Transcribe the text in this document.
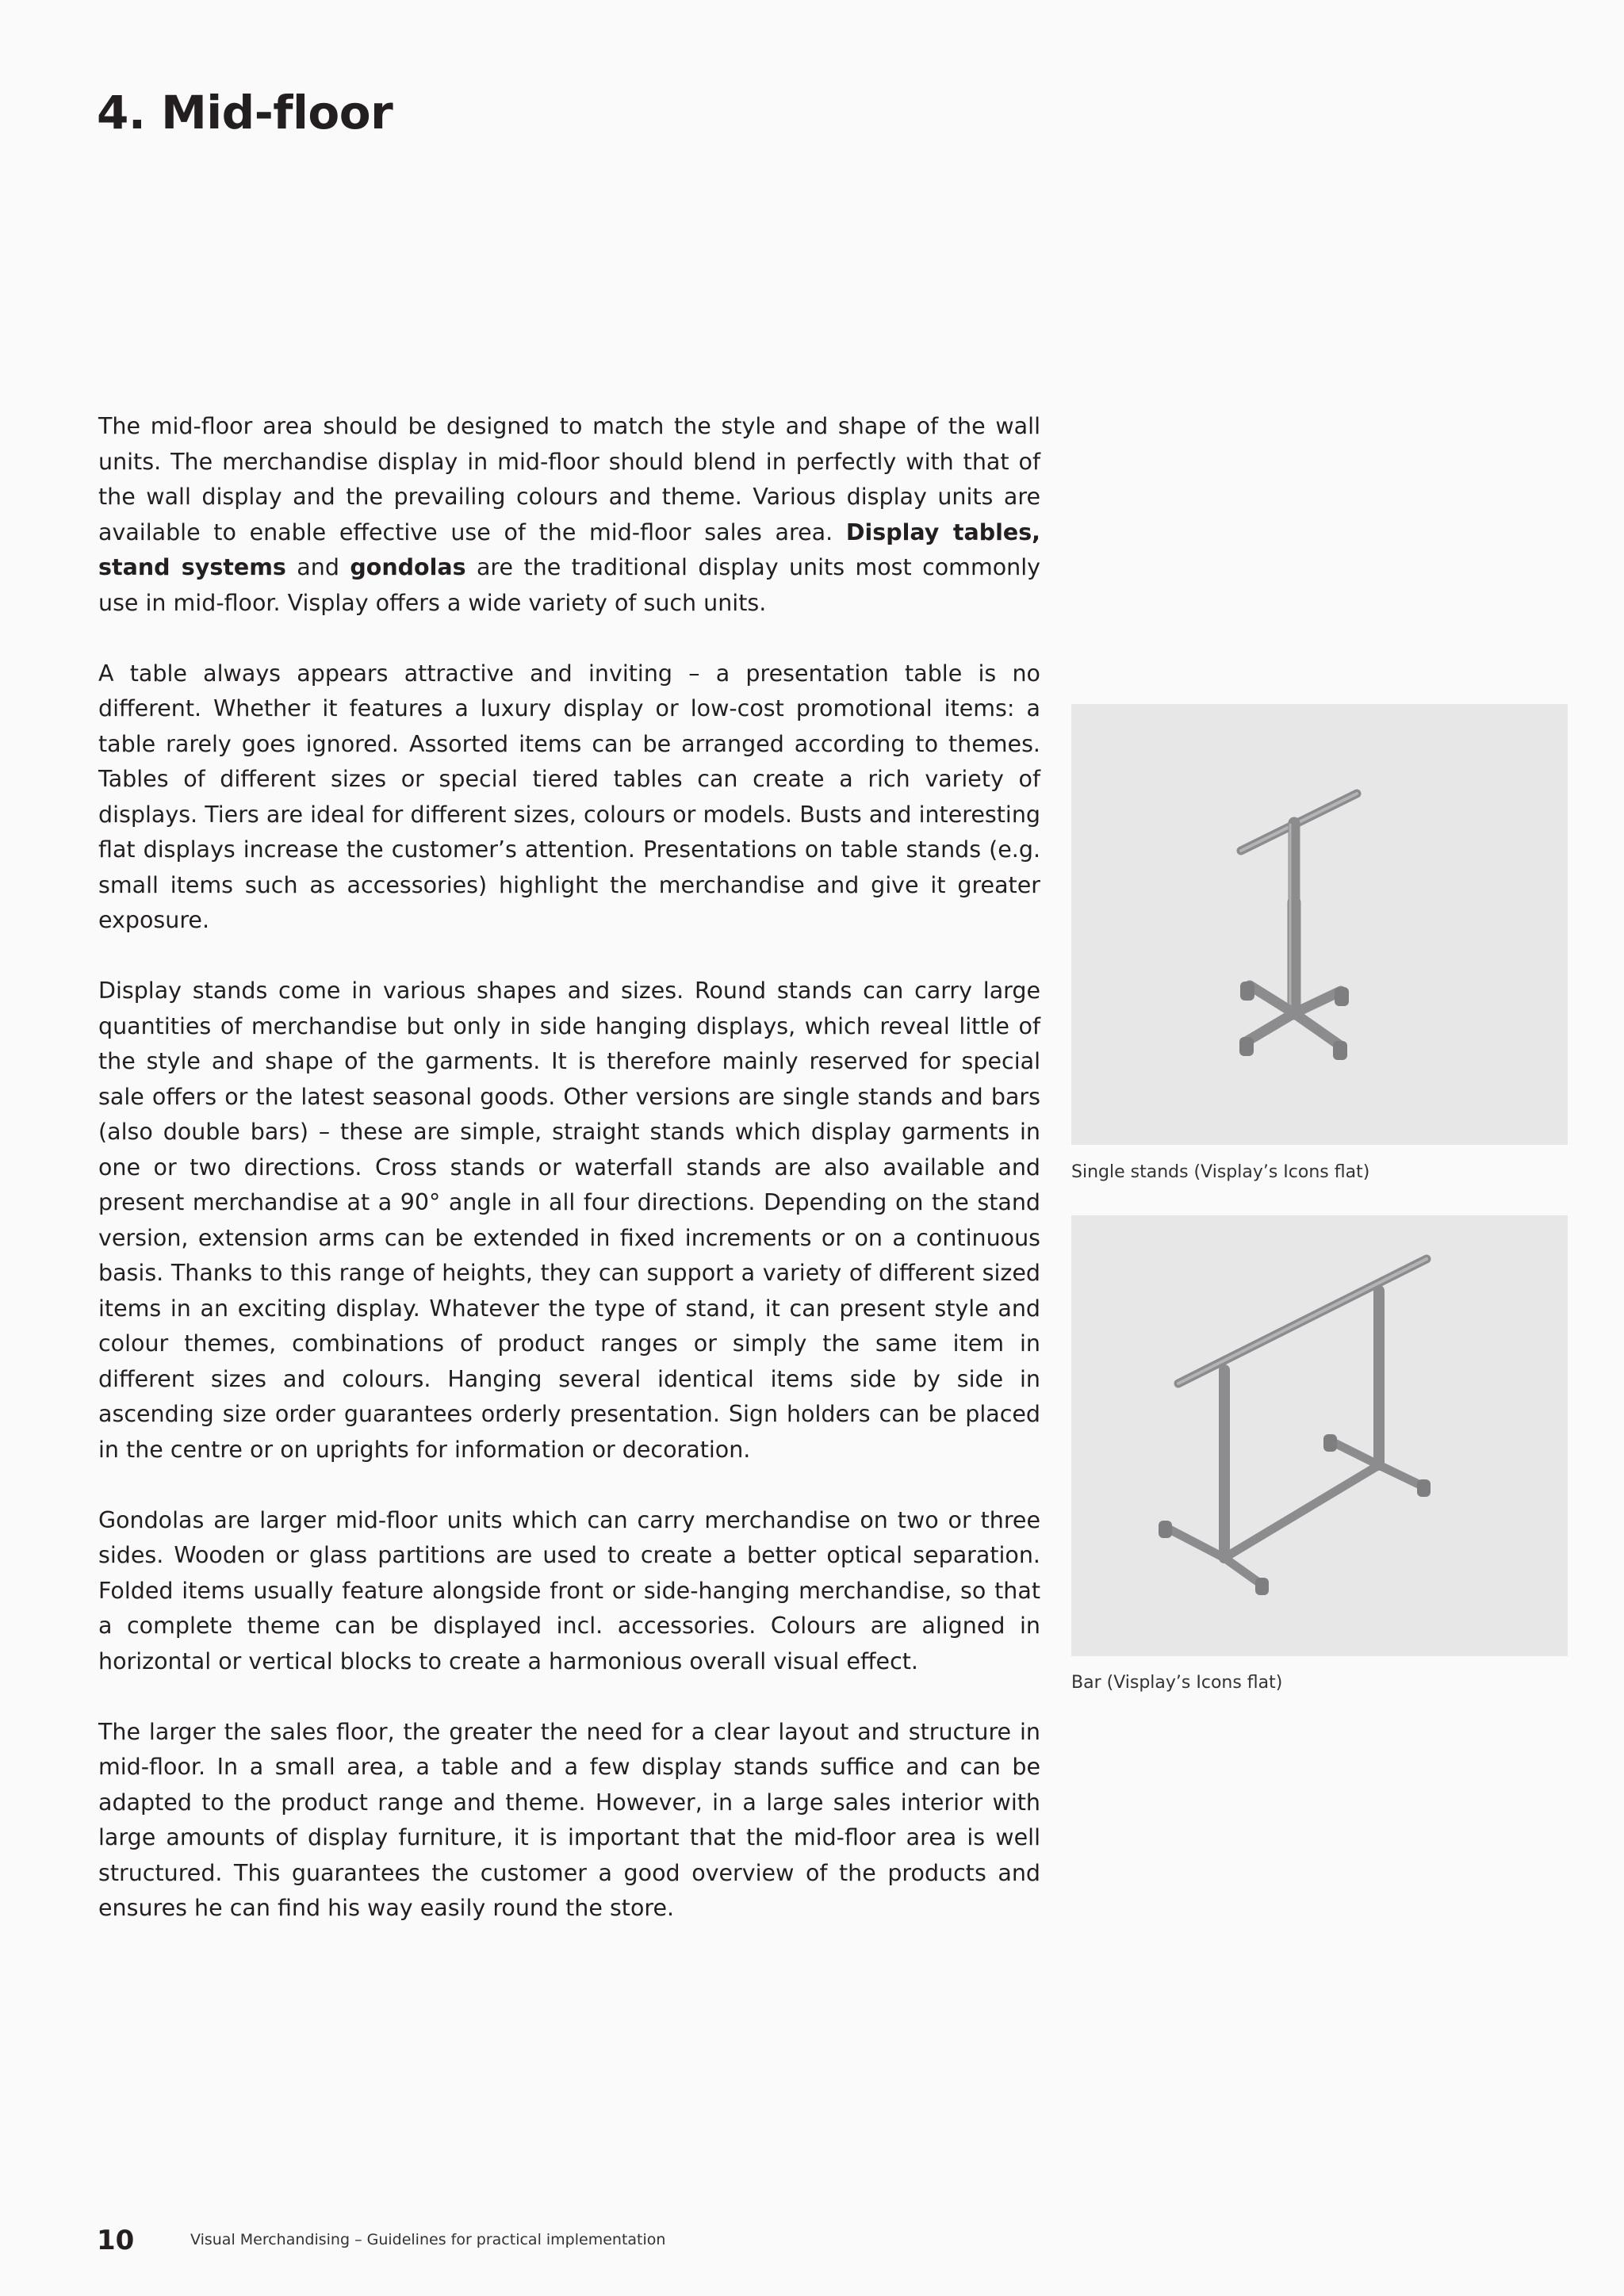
4. Mid-floor

The mid-floor area should be designed to match the style and shape of the wall units. The merchandise display in mid-floor should blend in perfectly with that of the wall display and the prevailing colours and theme. Various display units are available to enable effective use of the mid-floor sales area. Display tables, stand systems and gondolas are the traditional display units most commonly use in mid-floor. Visplay offers a wide variety of such units.

A table always appears attractive and inviting – a presentation table is no different. Whether it features a luxury display or low-cost promotional items: a table rarely goes ignored. Assorted items can be arranged according to themes. Tables of different sizes or special tiered tables can create a rich variety of displays. Tiers are ideal for different sizes, colours or models. Busts and interesting flat displays increase the customer’s attention. Presentations on table stands (e.g. small items such as accessories) highlight the merchandise and give it greater exposure.

Display stands come in various shapes and sizes. Round stands can carry large quantities of merchandise but only in side hanging displays, which reveal little of the style and shape of the garments. It is therefore mainly reserved for special sale offers or the latest seasonal goods. Other versions are single stands and bars (also double bars) – these are simple, straight stands which display garments in one or two directions. Cross stands or waterfall stands are also available and present merchandise at a 90° angle in all four directions. Depending on the stand version, extension arms can be extended in fixed increments or on a continuous basis. Thanks to this range of heights, they can support a variety of different sized items in an exciting display. Whatever the type of stand, it can present style and colour themes, combinations of product ranges or simply the same item in different sizes and colours. Hanging several identical items side by side in ascending size order guarantees orderly presentation. Sign holders can be placed in the centre or on uprights for information or decoration.

Gondolas are larger mid-floor units which can carry merchandise on two or three sides. Wooden or glass partitions are used to create a better optical separation. Folded items usually feature alongside front or side-hanging merchandise, so that a complete theme can be displayed incl. accessories. Colours are aligned in horizontal or vertical blocks to create a harmonious overall visual effect.

The larger the sales floor, the greater the need for a clear layout and structure in mid-floor. In a small area, a table and a few display stands suffice and can be adapted to the product range and theme. However, in a large sales interior with large amounts of display furniture, it is important that the mid-floor area is well structured. This guarantees the customer a good overview of the products and ensures he can find his way easily round the store.

Single stands (Visplay’s Icons flat)
Bar (Visplay’s Icons flat)
10	Visual Merchandising – Guidelines for practical implementation
